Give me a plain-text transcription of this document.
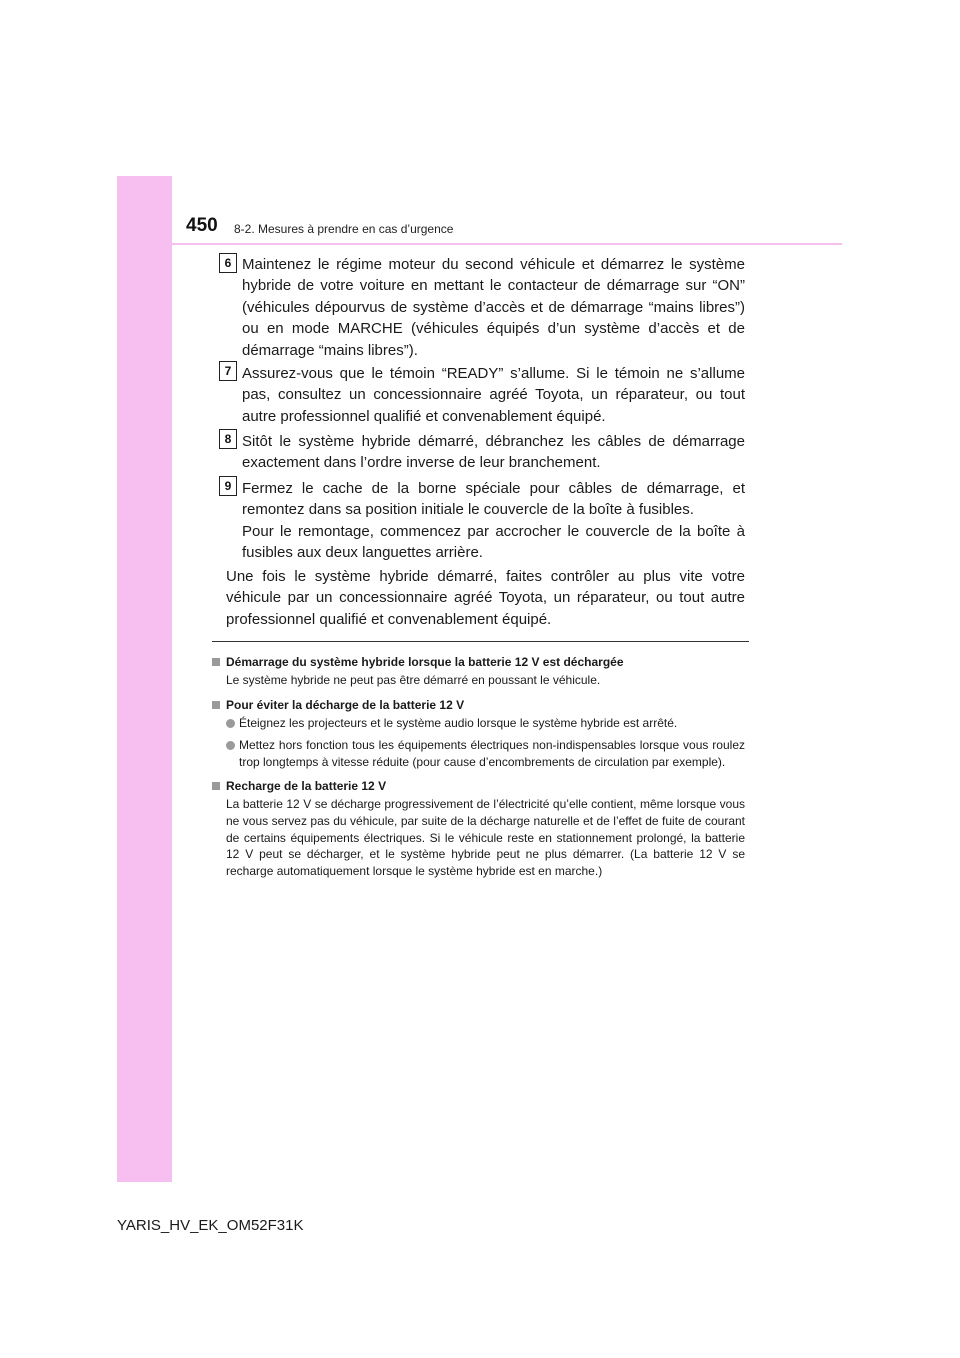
450 8-2. Mesures à prendre en cas d’urgence
6 Maintenez le régime moteur du second véhicule et démarrez le système hybride de votre voiture en mettant le contacteur de démarrage sur “ON” (véhicules dépourvus de système d’accès et de démarrage “mains libres”) ou en mode MARCHE (véhicules équipés d’un système d’accès et de démarrage “mains libres”).

7 Assurez-vous que le témoin “READY” s’allume. Si le témoin ne s’allume pas, consultez un concessionnaire agréé Toyota, un réparateur, ou tout autre professionnel qualifié et convenablement équipé.

8 Sitôt le système hybride démarré, débranchez les câbles de démarrage exactement dans l’ordre inverse de leur branchement.

9 Fermez le cache de la borne spéciale pour câbles de démarrage, et remontez dans sa position initiale le couvercle de la boîte à fusibles.

Pour le remontage, commencez par accrocher le couvercle de la boîte à fusibles aux deux languettes arrière.

Une fois le système hybride démarré, faites contrôler au plus vite votre véhicule par un concessionnaire agréé Toyota, un réparateur, ou tout autre professionnel qualifié et convenablement équipé.

Démarrage du système hybride lorsque la batterie 12 V est déchargée

Le système hybride ne peut pas être démarré en poussant le véhicule.

Pour éviter la décharge de la batterie 12 V

Éteignez les projecteurs et le système audio lorsque le système hybride est arrêté.
Mettez hors fonction tous les équipements électriques non-indispensables lorsque vous roulez trop longtemps à vitesse réduite (pour cause d’encombrements de circulation par exemple).

Recharge de la batterie 12 V

La batterie 12 V se décharge progressivement de l’électricité qu’elle contient, même lorsque vous ne vous servez pas du véhicule, par suite de la décharge naturelle et de l’effet de fuite de courant de certains équipements électriques. Si le véhicule reste en stationnement prolongé, la batterie 12 V peut se décharger, et le système hybride peut ne plus démarrer. (La batterie 12 V se recharge automatiquement lorsque le système hybride est en marche.)
YARIS_HV_EK_OM52F31K
